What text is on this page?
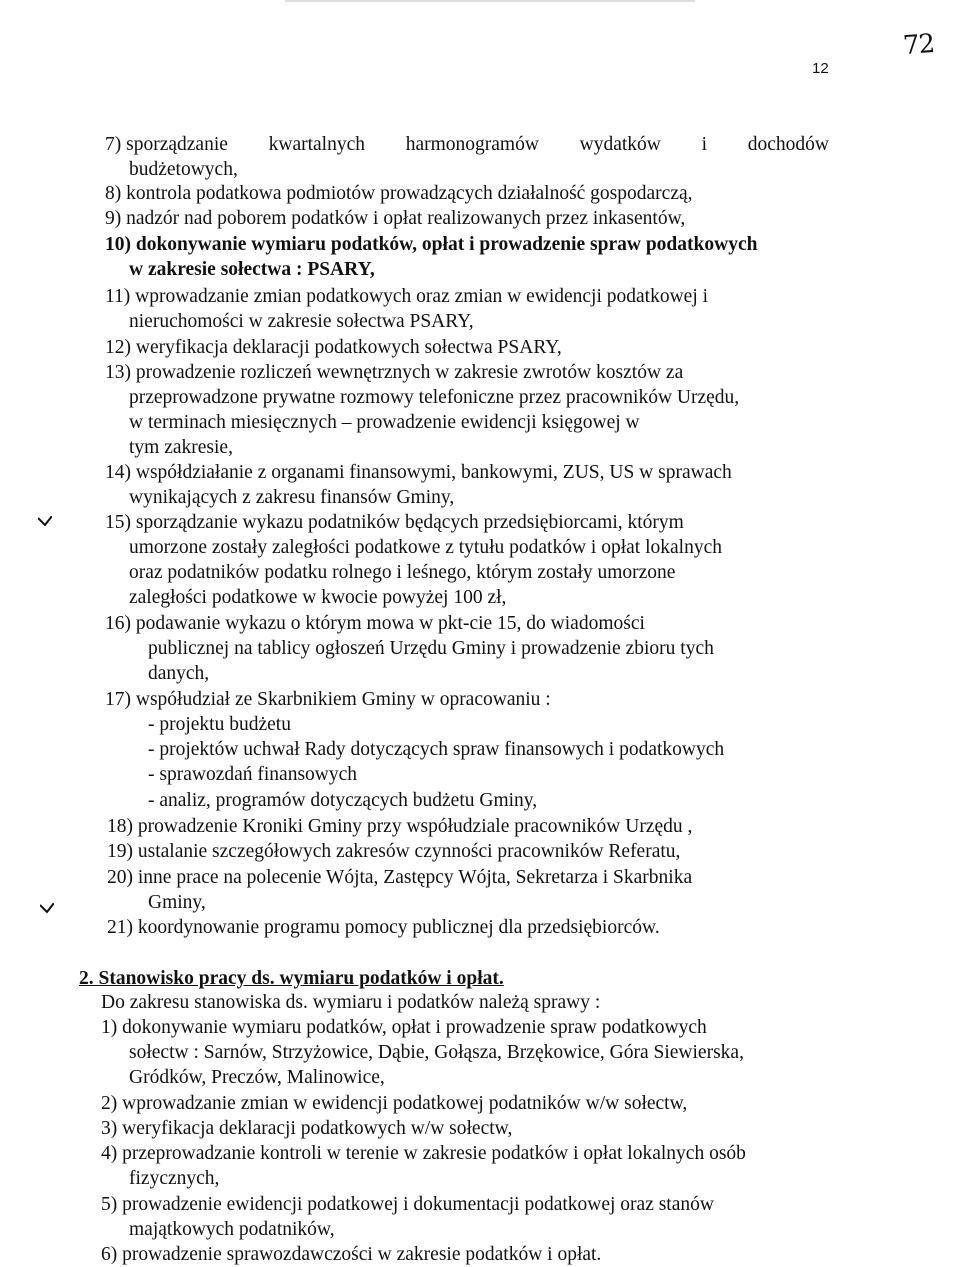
12
72
7) sporządzanie kwartalnych harmonogramów wydatków i dochodów
budżetowych,
8) kontrola podatkowa podmiotów prowadzących działalność gospodarczą,
9) nadzór nad poborem podatków i opłat realizowanych przez inkasentów,
10) dokonywanie wymiaru podatków, opłat i prowadzenie spraw podatkowych
w zakresie sołectwa : PSARY,
11) wprowadzanie zmian podatkowych oraz zmian w ewidencji podatkowej i
nieruchomości w zakresie sołectwa PSARY,
12) weryfikacja deklaracji podatkowych sołectwa PSARY,
13) prowadzenie rozliczeń wewnętrznych w zakresie zwrotów kosztów za
przeprowadzone prywatne rozmowy telefoniczne przez pracowników Urzędu,
w terminach miesięcznych – prowadzenie ewidencji księgowej w
tym zakresie,
14) współdziałanie z organami finansowymi, bankowymi, ZUS, US w sprawach
wynikających z zakresu finansów Gminy,
15) sporządzanie wykazu podatników będących przedsiębiorcami, którym
umorzone zostały zaległości podatkowe z tytułu podatków i opłat lokalnych
oraz podatników podatku rolnego i leśnego, którym zostały umorzone
zaległości podatkowe w kwocie powyżej 100 zł,
16) podawanie wykazu o którym mowa w pkt-cie 15, do wiadomości
publicznej na tablicy ogłoszeń Urzędu Gminy i prowadzenie zbioru tych
danych,
17) współudział ze Skarbnikiem Gminy w opracowaniu :
- projektu budżetu
- projektów uchwał Rady dotyczących spraw finansowych i podatkowych
- sprawozdań finansowych
- analiz, programów dotyczących budżetu Gminy,
18) prowadzenie Kroniki Gminy przy współudziale pracowników Urzędu ,
19) ustalanie szczegółowych zakresów czynności pracowników Referatu,
20) inne prace na polecenie Wójta, Zastępcy Wójta, Sekretarza i Skarbnika
Gminy,
21) koordynowanie programu pomocy publicznej dla przedsiębiorców.
2. Stanowisko pracy ds. wymiaru podatków i opłat.
Do zakresu stanowiska ds. wymiaru i podatków należą sprawy :
1) dokonywanie wymiaru podatków, opłat i prowadzenie spraw podatkowych
sołectw : Sarnów, Strzyżowice, Dąbie, Gołąsza, Brzękowice, Góra Siewierska,
Gródków, Preczów, Malinowice,
2) wprowadzanie zmian w ewidencji podatkowej podatników w/w sołectw,
3) weryfikacja deklaracji podatkowych w/w sołectw,
4) przeprowadzanie kontroli w terenie w zakresie podatków i opłat lokalnych osób
fizycznych,
5) prowadzenie ewidencji podatkowej i dokumentacji podatkowej oraz stanów
majątkowych podatników,
6) prowadzenie sprawozdawczości w zakresie podatków i opłat.
